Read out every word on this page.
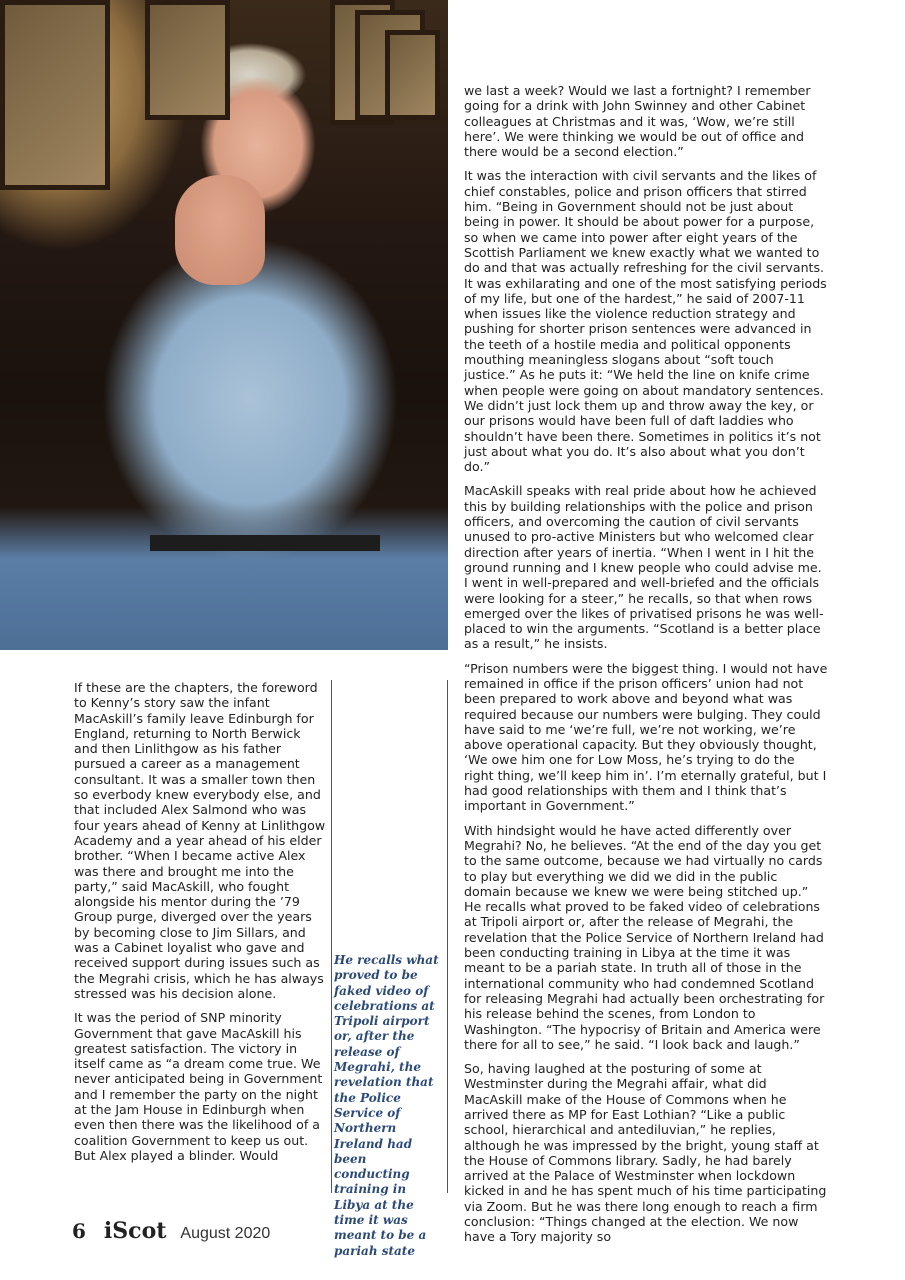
If these are the chapters, the foreword to Kenny’s story saw the infant MacAskill’s family leave Edinburgh for England, returning to North Berwick and then Linlithgow as his father pursued a career as a management consultant. It was a smaller town then so everbody knew everybody else, and that included Alex Salmond who was four years ahead of Kenny at Linlithgow Academy and a year ahead of his elder brother. “When I became active Alex was there and brought me into the party,” said MacAskill, who fought alongside his mentor during the ’79 Group purge, diverged over the years by becoming close to Jim Sillars, and was a Cabinet loyalist who gave and received support during issues such as the Megrahi crisis, which he has always stressed was his decision alone.

It was the period of SNP minority Government that gave MacAskill his greatest satisfaction. The victory in itself came as “a dream come true. We never anticipated being in Government and I remember the party on the night at the Jam House in Edinburgh when even then there was the likelihood of a coalition Government to keep us out. But Alex played a blinder. Would

He recalls what proved to be faked video of celebrations at Tripoli airport or, after the release of Megrahi, the revelation that the Police Service of Northern Ireland had been conducting training in Libya at the time it was meant to be a pariah state

we last a week? Would we last a fortnight? I remember going for a drink with John Swinney and other Cabinet colleagues at Christmas and it was, ‘Wow, we’re still here’. We were thinking we would be out of office and there would be a second election.”

It was the interaction with civil servants and the likes of chief constables, police and prison officers that stirred him. “Being in Government should not be just about being in power. It should be about power for a purpose, so when we came into power after eight years of the Scottish Parliament we knew exactly what we wanted to do and that was actually refreshing for the civil servants. It was exhilarating and one of the most satisfying periods of my life, but one of the hardest,” he said of 2007-11 when issues like the violence reduction strategy and pushing for shorter prison sentences were advanced in the teeth of a hostile media and political opponents mouthing meaningless slogans about “soft touch justice.” As he puts it: “We held the line on knife crime when people were going on about mandatory sentences. We didn’t just lock them up and throw away the key, or our prisons would have been full of daft laddies who shouldn’t have been there. Sometimes in politics it’s not just about what you do. It’s also about what you don’t do.”

MacAskill speaks with real pride about how he achieved this by building relationships with the police and prison officers, and overcoming the caution of civil servants unused to pro-active Ministers but who welcomed clear direction after years of inertia. “When I went in I hit the ground running and I knew people who could advise me. I went in well-prepared and well-briefed and the officials were looking for a steer,” he recalls, so that when rows emerged over the likes of privatised prisons he was well-placed to win the arguments. “Scotland is a better place as a result,” he insists.

“Prison numbers were the biggest thing. I would not have remained in office if the prison officers’ union had not been prepared to work above and beyond what was required because our numbers were bulging. They could have said to me ‘we’re full, we’re not working, we’re above operational capacity. But they obviously thought, ‘We owe him one for Low Moss, he’s trying to do the right thing, we’ll keep him in’. I’m eternally grateful, but I had good relationships with them and I think that’s important in Government.”

With hindsight would he have acted differently over Megrahi? No, he believes. “At the end of the day you get to the same outcome, because we had virtually no cards to play but everything we did we did in the public domain because we knew we were being stitched up.” He recalls what proved to be faked video of celebrations at Tripoli airport or, after the release of Megrahi, the revelation that the Police Service of Northern Ireland had been conducting training in Libya at the time it was meant to be a pariah state. In truth all of those in the international community who had condemned Scotland for releasing Megrahi had actually been orchestrating for his release behind the scenes, from London to Washington. “The hypocrisy of Britain and America were there for all to see,” he said. “I look back and laugh.”

So, having laughed at the posturing of some at Westminster during the Megrahi affair, what did MacAskill make of the House of Commons when he arrived there as MP for East Lothian? “Like a public school, hierarchical and antediluvian,” he replies, although he was impressed by the bright, young staff at the House of Commons library. Sadly, he had barely arrived at the Palace of Westminster when lockdown kicked in and he has spent much of his time participating via Zoom. But he was there long enough to reach a firm conclusion: “Things changed at the election. We now have a Tory majority so

6 iScot August 2020
